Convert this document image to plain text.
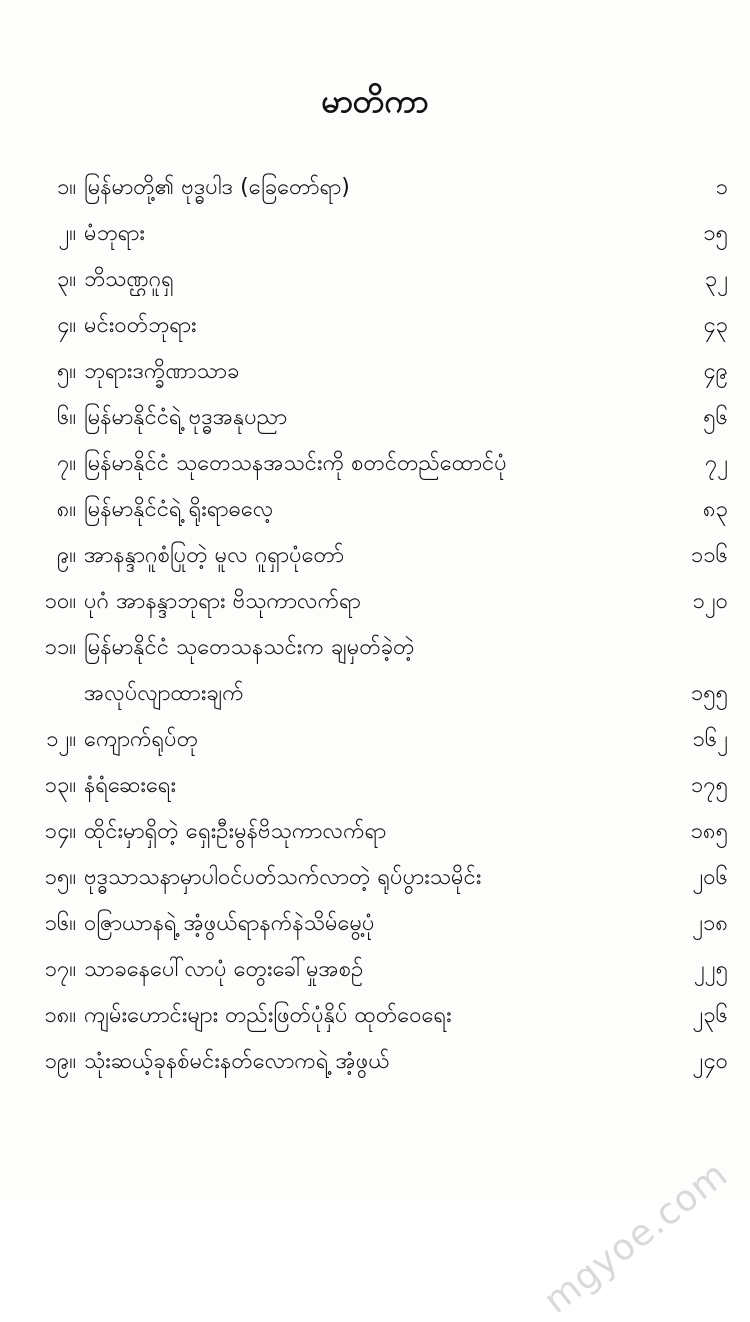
မာတိကာ
၁။ မြန်မာတို့၏ ဗုဒ္ဓပါဒ (ခြေတော်ရာ)	၁
၂။ မံဘုရား	၁၅
၃။ ဘိသဏ္ဌဂူရှ	၃၂
၄။ မင်းဝတ်ဘုရား	၄၃
၅။ ဘုရားဒက္ခိဏာသာခ	၄၉
၆။ မြန်မာနိုင်ငံရဲ့ ဗုဒ္ဓအနုပညာ	၅၆
၇။ မြန်မာနိုင်ငံ သုတေသနအသင်းကို စတင်တည်ထောင်ပုံ	၇၂
၈။ မြန်မာနိုင်ငံရဲ့ ရိုးရာဓလေ့	၈၃
၉။ အာနန္ဒာဂူစံပြုတဲ့ မူလ ဂူရှာပုံတော်	၁၁၆
၁၀။ ပုဂံ အာနန္ဒာဘုရား ဗိသုကာလက်ရာ	၁၂၀
၁၁။ မြန်မာနိုင်ငံ သုတေသနသင်းက ချမှတ်ခဲ့တဲ့
အလုပ်လျာထားချက်	၁၅၅
၁၂။ ကျောက်ရုပ်တု	၁၆၂
၁၃။ နံရံဆေးရေး	၁၇၅
၁၄။ ထိုင်းမှာရှိတဲ့ ရှေးဦးမွန်ဗိသုကာလက်ရာ	၁၈၅
၁၅။ ဗုဒ္ဓသာသနာမှာပါဝင်ပတ်သက်လာတဲ့ ရုပ်ပွားသမိုင်း	၂၀၆
၁၆။ ဝဇြာယာနရဲ့ အံ့ဖွယ်ရာနက်နဲသိမ်မွေ့ပုံ	၂၁၈
၁၇။ သာခနေပေါ်လာပုံ တွေးခေါ်မှုအစဉ်	၂၂၅
၁၈။ ကျမ်းဟောင်းများ တည်းဖြတ်ပုံနှိပ် ထုတ်ဝေရေး	၂၃၆
၁၉။ သုံးဆယ့်ခုနစ်မင်းနတ်လောကရဲ့ အံ့ဖွယ်	၂၄၀
mgyoe.com
